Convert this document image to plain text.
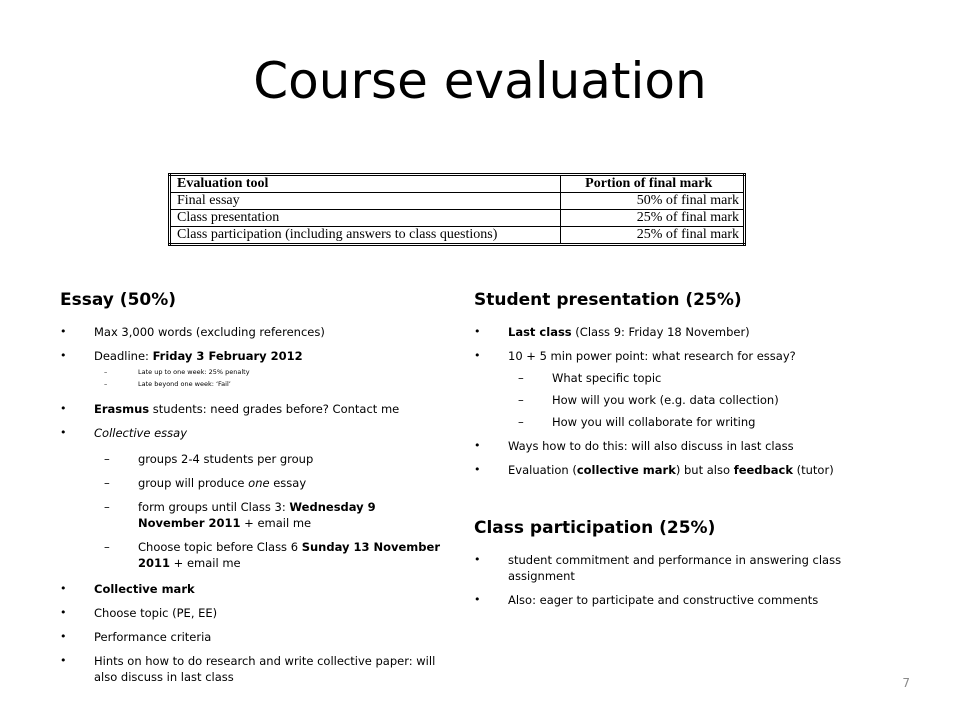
Course evaluation
Evaluation tool	Portion of final mark
Final essay	50% of final mark
Class presentation	25% of final mark
Class participation (including answers to class questions)	25% of final mark
Essay (50%)
• Max 3,000 words (excluding references)
• Deadline: Friday 3 February 2012
– Late up to one week: 25% penalty
– Late beyond one week: ‘Fail’
• Erasmus students: need grades before? Contact me
• Collective essay
– groups 2-4 students per group
– group will produce one essay
– form groups until Class 3: Wednesday 9 November 2011 + email me
– Choose topic before Class 6 Sunday 13 November 2011 + email me
• Collective mark
• Choose topic (PE, EE)
• Performance criteria
• Hints on how to do research and write collective paper: will also discuss in last class
Student presentation (25%)
• Last class (Class 9: Friday 18 November)
• 10 + 5 min power point: what research for essay?
– What specific topic
– How will you work (e.g. data collection)
– How you will collaborate for writing
• Ways how to do this: will also discuss in last class
• Evaluation (collective mark) but also feedback (tutor)
Class participation (25%)
• student commitment and performance in answering class assignment
• Also: eager to participate and constructive comments
7
